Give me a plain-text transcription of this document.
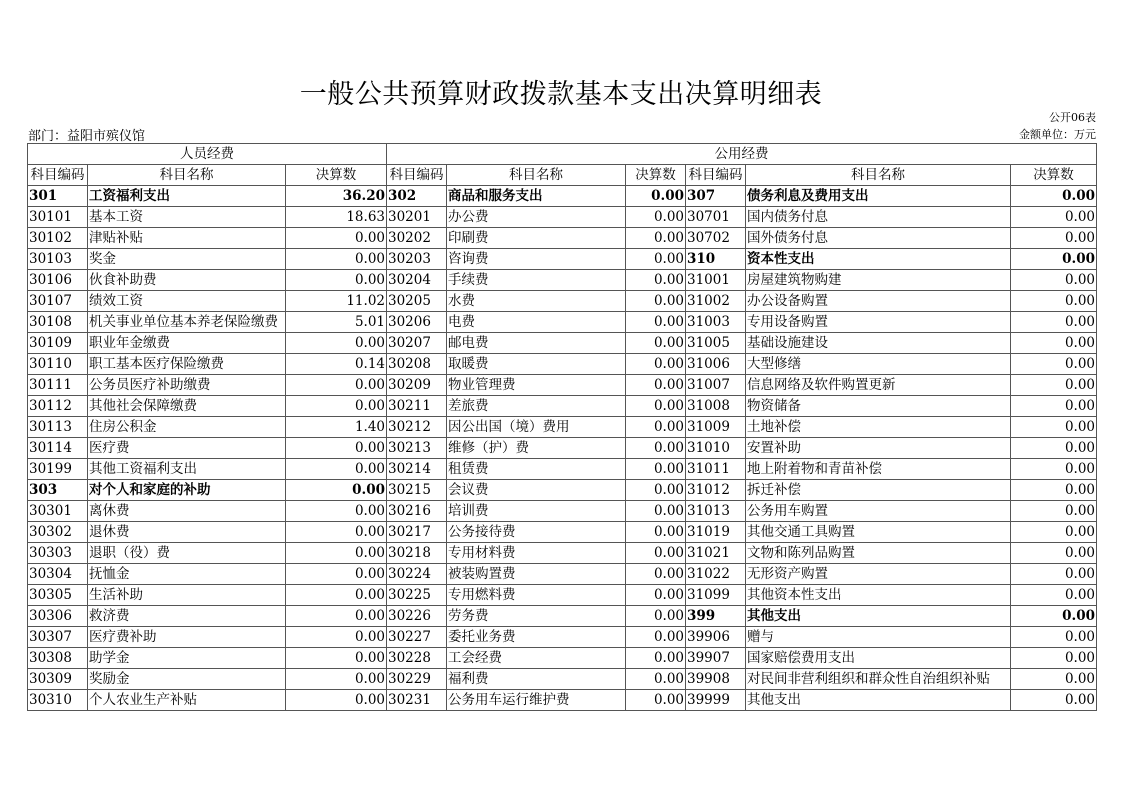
一般公共预算财政拨款基本支出决算明细表
公开06表
部门：益阳市殡仪馆	金额单位：万元
人员经费			公用经费					
科目编码	科目名称	决算数	科目编码	科目名称	决算数	科目编码	科目名称	决算数
301	工资福利支出	36.20	302	商品和服务支出	0.00	307	债务利息及费用支出	0.00
30101	基本工资	18.63	30201	办公费	0.00	30701	国内债务付息	0.00
30102	津贴补贴	0.00	30202	印刷费	0.00	30702	国外债务付息	0.00
30103	奖金	0.00	30203	咨询费	0.00	310	资本性支出	0.00
30106	伙食补助费	0.00	30204	手续费	0.00	31001	房屋建筑物购建	0.00
30107	绩效工资	11.02	30205	水费	0.00	31002	办公设备购置	0.00
30108	机关事业单位基本养老保险缴费	5.01	30206	电费	0.00	31003	专用设备购置	0.00
30109	职业年金缴费	0.00	30207	邮电费	0.00	31005	基础设施建设	0.00
30110	职工基本医疗保险缴费	0.14	30208	取暖费	0.00	31006	大型修缮	0.00
30111	公务员医疗补助缴费	0.00	30209	物业管理费	0.00	31007	信息网络及软件购置更新	0.00
30112	其他社会保障缴费	0.00	30211	差旅费	0.00	31008	物资储备	0.00
30113	住房公积金	1.40	30212	因公出国（境）费用	0.00	31009	土地补偿	0.00
30114	医疗费	0.00	30213	维修（护）费	0.00	31010	安置补助	0.00
30199	其他工资福利支出	0.00	30214	租赁费	0.00	31011	地上附着物和青苗补偿	0.00
303	对个人和家庭的补助	0.00	30215	会议费	0.00	31012	拆迁补偿	0.00
30301	离休费	0.00	30216	培训费	0.00	31013	公务用车购置	0.00
30302	退休费	0.00	30217	公务接待费	0.00	31019	其他交通工具购置	0.00
30303	退职（役）费	0.00	30218	专用材料费	0.00	31021	文物和陈列品购置	0.00
30304	抚恤金	0.00	30224	被装购置费	0.00	31022	无形资产购置	0.00
30305	生活补助	0.00	30225	专用燃料费	0.00	31099	其他资本性支出	0.00
30306	救济费	0.00	30226	劳务费	0.00	399	其他支出	0.00
30307	医疗费补助	0.00	30227	委托业务费	0.00	39906	赠与	0.00
30308	助学金	0.00	30228	工会经费	0.00	39907	国家赔偿费用支出	0.00
30309	奖励金	0.00	30229	福利费	0.00	39908	对民间非营利组织和群众性自治组织补贴	0.00
30310	个人农业生产补贴	0.00	30231	公务用车运行维护费	0.00	39999	其他支出	0.00
